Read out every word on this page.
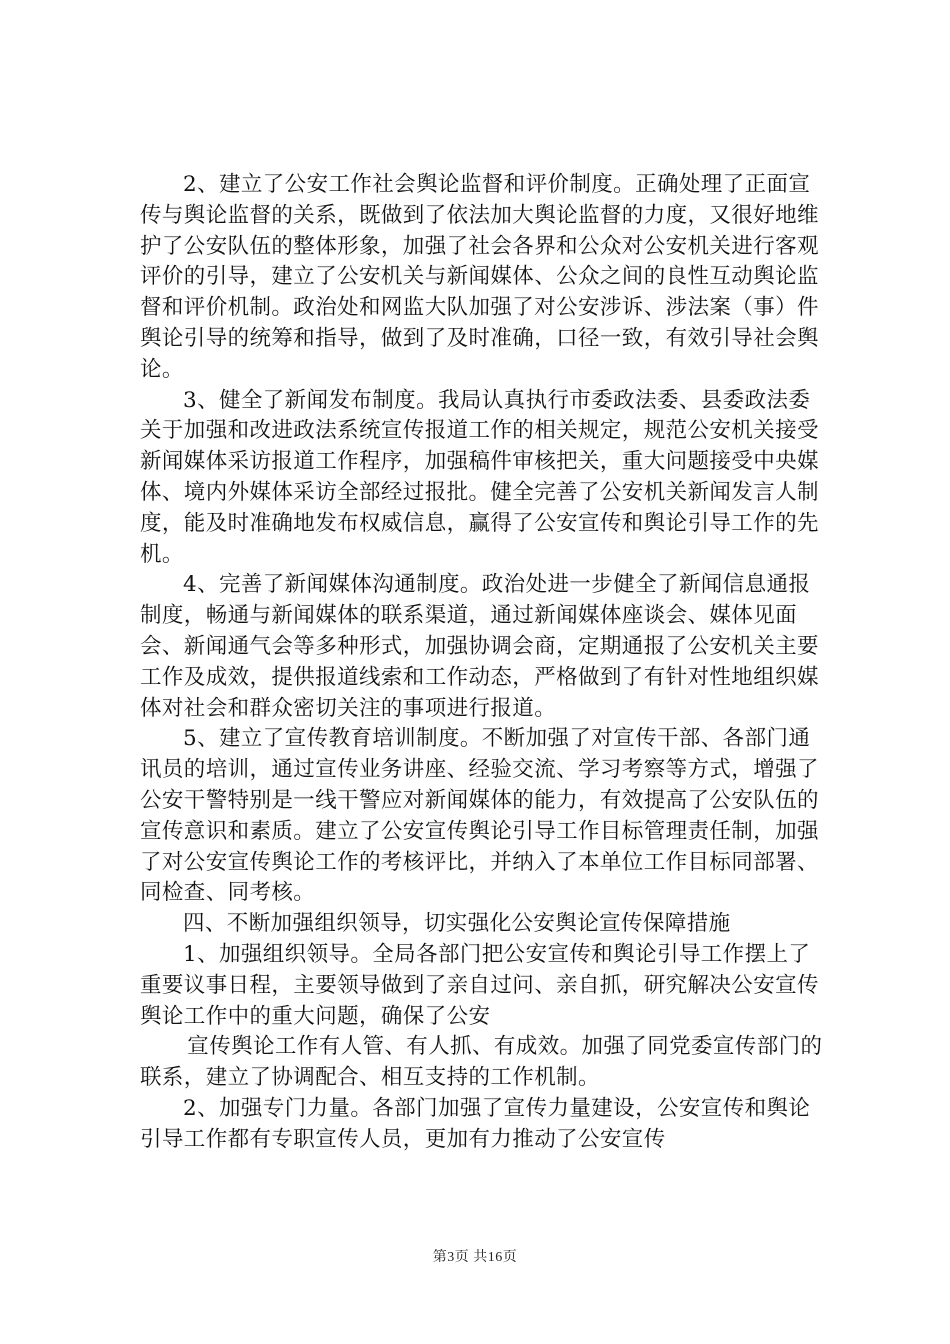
2、建立了公安工作社会舆论监督和评价制度。正确处理了正面宣传与舆论监督的关系，既做到了依法加大舆论监督的力度，又很好地维护了公安队伍的整体形象，加强了社会各界和公众对公安机关进行客观评价的引导，建立了公安机关与新闻媒体、公众之间的良性互动舆论监督和评价机制。政治处和网监大队加强了对公安涉诉、涉法案（事）件舆论引导的统筹和指导，做到了及时准确，口径一致，有效引导社会舆论。

3、健全了新闻发布制度。我局认真执行市委政法委、县委政法委关于加强和改进政法系统宣传报道工作的相关规定，规范公安机关接受新闻媒体采访报道工作程序，加强稿件审核把关，重大问题接受中央媒体、境内外媒体采访全部经过报批。健全完善了公安机关新闻发言人制度，能及时准确地发布权威信息，赢得了公安宣传和舆论引导工作的先机。

4、完善了新闻媒体沟通制度。政治处进一步健全了新闻信息通报制度，畅通与新闻媒体的联系渠道，通过新闻媒体座谈会、媒体见面会、新闻通气会等多种形式，加强协调会商，定期通报了公安机关主要工作及成效，提供报道线索和工作动态，严格做到了有针对性地组织媒体对社会和群众密切关注的事项进行报道。

5、建立了宣传教育培训制度。不断加强了对宣传干部、各部门通讯员的培训，通过宣传业务讲座、经验交流、学习考察等方式，增强了公安干警特别是一线干警应对新闻媒体的能力，有效提高了公安队伍的宣传意识和素质。建立了公安宣传舆论引导工作目标管理责任制，加强了对公安宣传舆论工作的考核评比，并纳入了本单位工作目标同部署、同检查、同考核。

四、不断加强组织领导，切实强化公安舆论宣传保障措施

1、加强组织领导。全局各部门把公安宣传和舆论引导工作摆上了重要议事日程，主要领导做到了亲自过问、亲自抓，研究解决公安宣传舆论工作中的重大问题，确保了公安

宣传舆论工作有人管、有人抓、有成效。加强了同党委宣传部门的联系，建立了协调配合、相互支持的工作机制。

2、加强专门力量。各部门加强了宣传力量建设，公安宣传和舆论引导工作都有专职宣传人员，更加有力推动了公安宣传

第3页 共16页
